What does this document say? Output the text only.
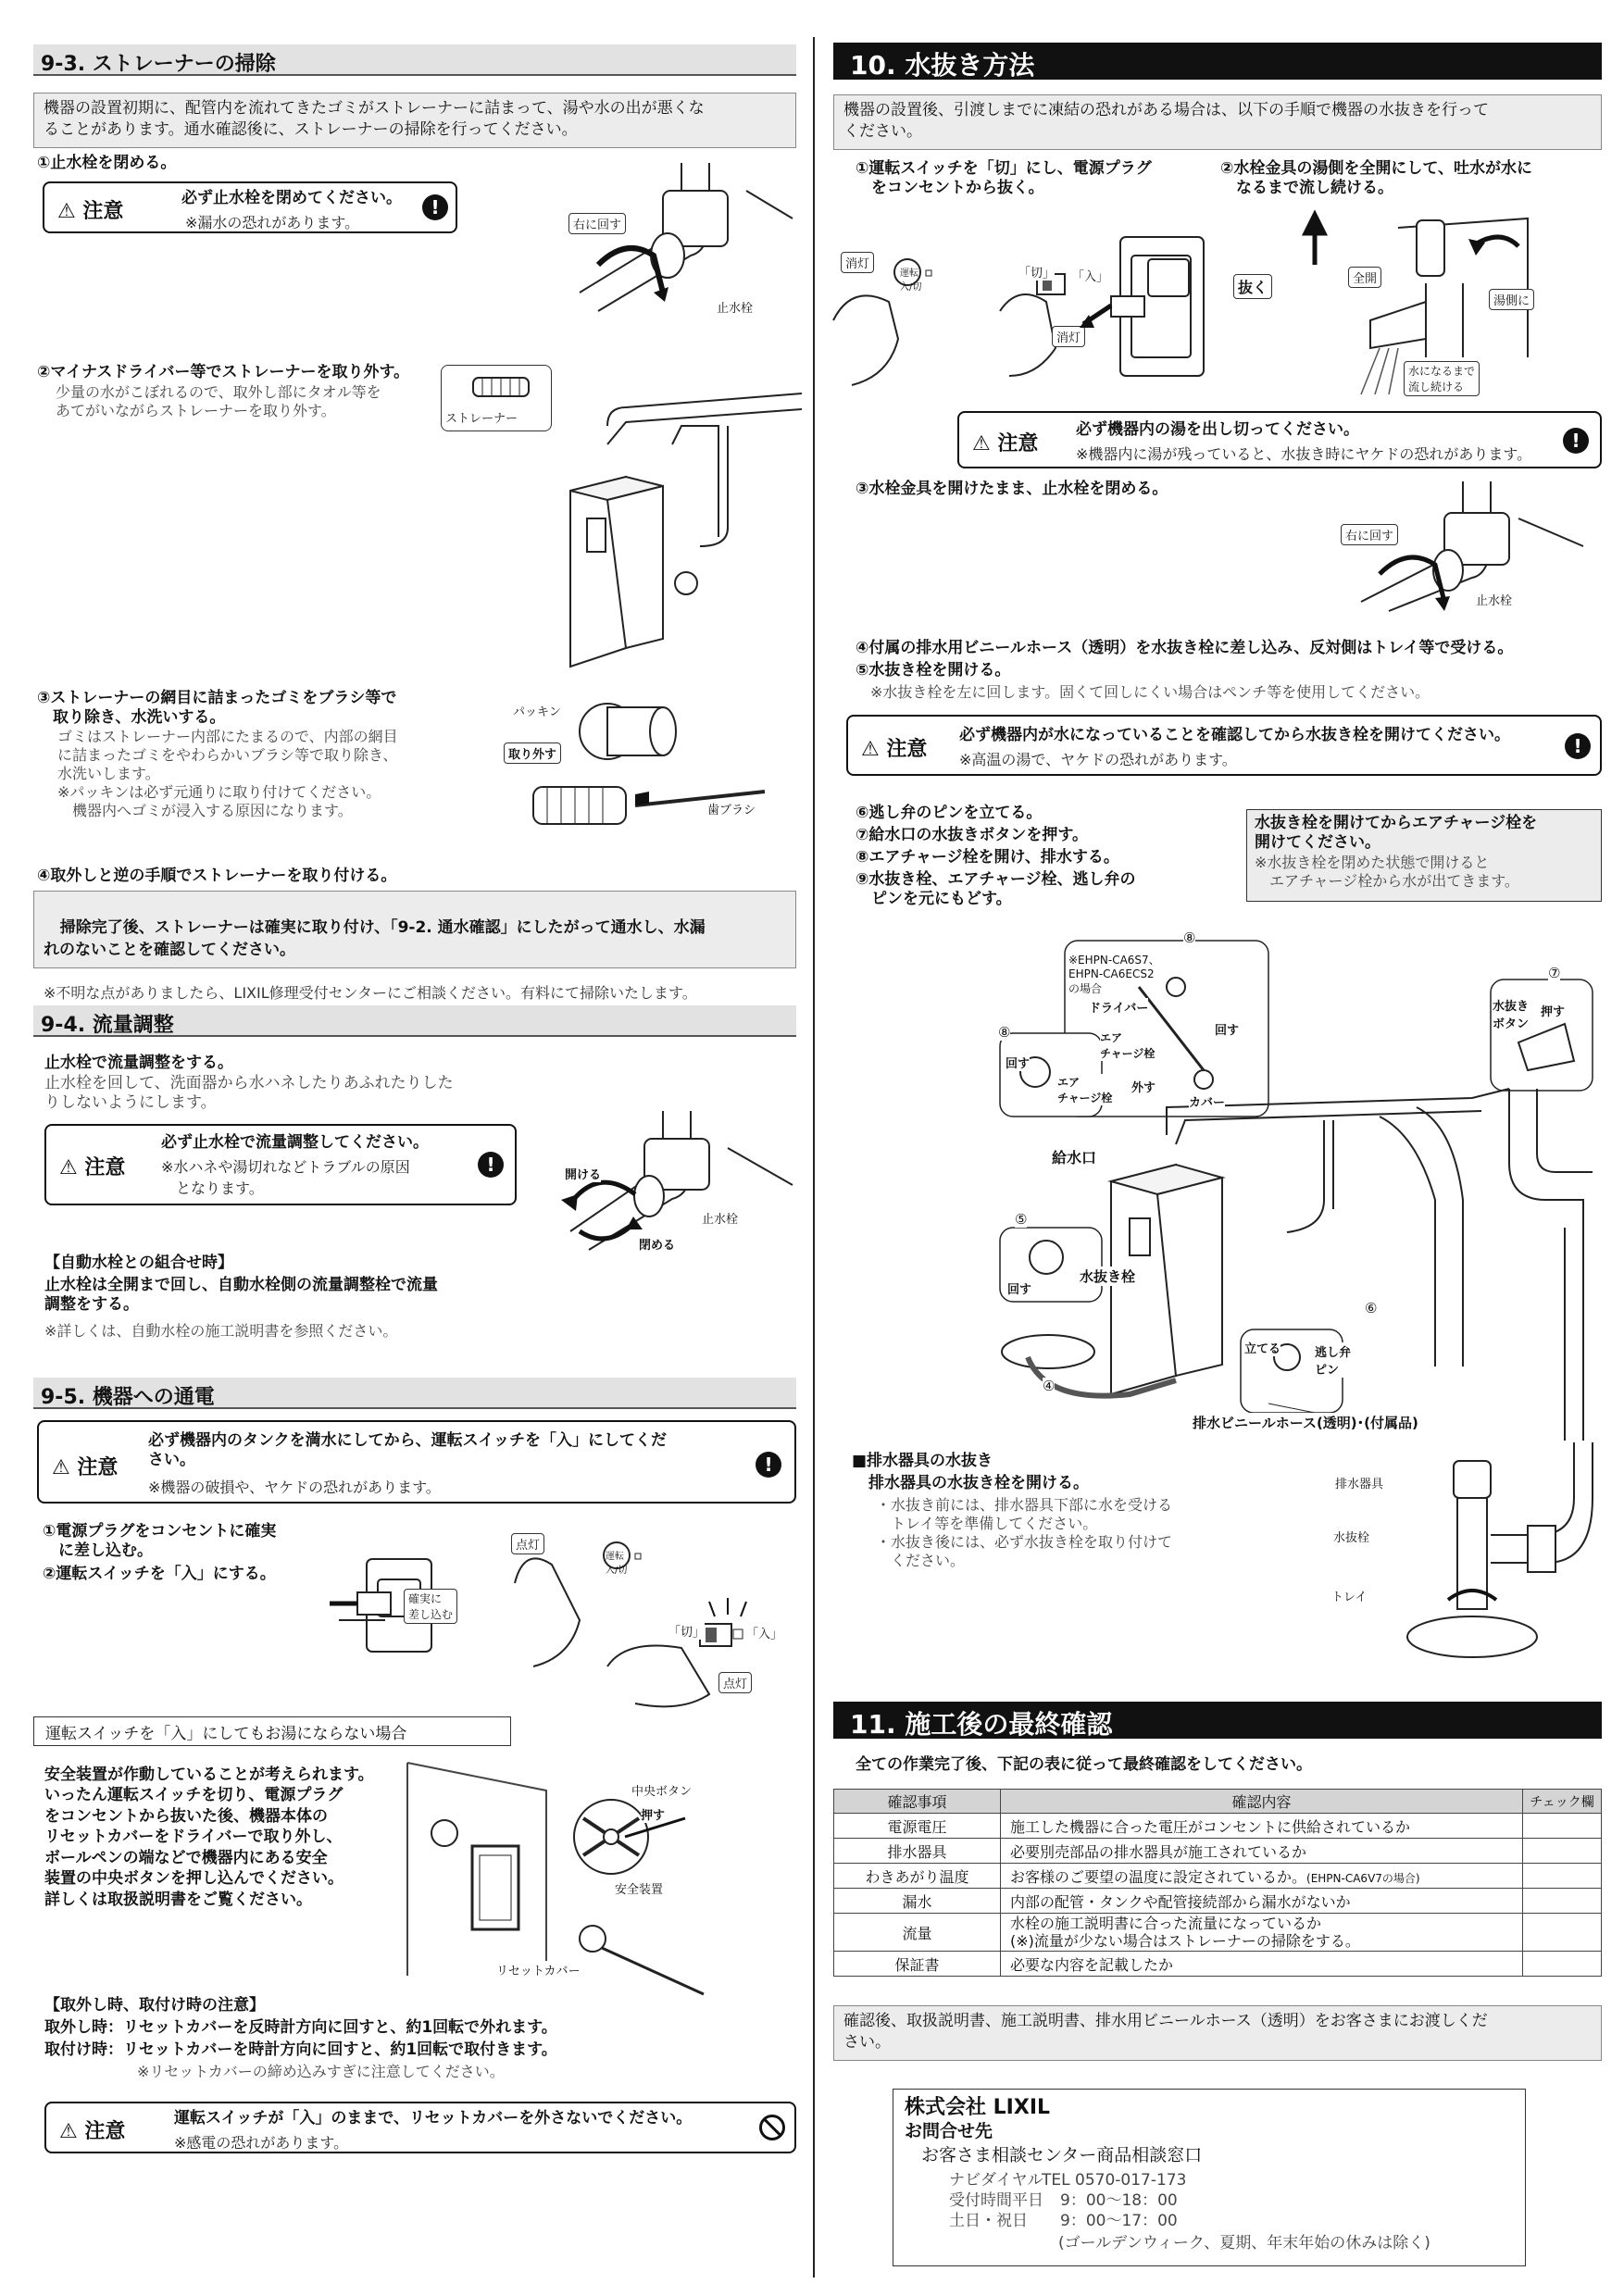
9-3. ストレーナーの掃除
機器の設置初期に、配管内を流れてきたゴミがストレーナーに詰まって、湯や水の出が悪くな
ることがあります。通水確認後に、ストレーナーの掃除を行ってください。
①止水栓を閉める。
⚠ 注意
必ず止水栓を閉めてください。
※漏水の恐れがあります。
!
右に回す
止水栓
②マイナスドライバー等でストレーナーを取り外す。
少量の水がこぼれるので、取外し部にタオル等を
あてがいながらストレーナーを取り外す。	ストレーナー
③ストレーナーの網目に詰まったゴミをブラシ等で
　取り除き、水洗いする。
　ゴミはストレーナー内部にたまるので、内部の網目
　に詰まったゴミをやわらかいブラシ等で取り除き、
　水洗いします。
　※パッキンは必ず元通りに取り付けてください。
　　機器内へゴミが浸入する原因になります。
パッキン
取り外す
歯ブラシ
④取外しと逆の手順でストレーナーを取り付ける。

掃除完了後、ストレーナーは確実に取り付け、「9-2. 通水確認」にしたがって通水し、水漏
れのないことを確認してください。

※不明な点がありましたら、LIXIL修理受付センターにご相談ください。有料にて掃除いたします。

9-4. 流量調整
止水栓で流量調整をする。
止水栓を回して、洗面器から水ハネしたりあふれたりした
りしないようにします。
⚠ 注意
必ず止水栓で流量調整してください。
※水ハネや湯切れなどトラブルの原因
　となります。
!	開ける
閉める
止水栓
【自動水栓との組合せ時】
止水栓は全開まで回し、自動水栓側の流量調整栓で流量
調整をする。
※詳しくは、自動水栓の施工説明書を参照ください。
9-5. 機器への通電
⚠ 注意
必ず機器内のタンクを満水にしてから、運転スイッチを「入」にしてくだ
さい。
※機器の破損や、ヤケドの恐れがあります。
!
①電源プラグをコンセントに確実
　に差し込む。
②運転スイッチを「入」にする。
確実に
差し込む
点灯
運転
入/切
「切」	「入」
点灯
運転スイッチを「入」にしてもお湯にならない場合
安全装置が作動していることが考えられます。
いったん運転スイッチを切り、電源プラグ
をコンセントから抜いた後、機器本体の
リセットカバーをドライバーで取り外し、
ボールペンの端などで機器内にある安全
装置の中央ボタンを押し込んでください。
詳しくは取扱説明書をご覧ください。
中央ボタン
押す
安全装置
リセットカバー
【取外し時、取付け時の注意】
取外し時：リセットカバーを反時計方向に回すと、約1回転で外れます。
取付け時：リセットカバーを時計方向に回すと、約1回転で取付きます。
※リセットカバーの締め込みすぎに注意してください。
⚠ 注意
運転スイッチが「入」のままで、リセットカバーを外さないでください。
※感電の恐れがあります。
10. 水抜き方法
機器の設置後、引渡しまでに凍結の恐れがある場合は、以下の手順で機器の水抜きを行って
ください。
①運転スイッチを「切」にし、電源プラグ
　をコンセントから抜く。
②水栓金具の湯側を全開にして、吐水が水に
　なるまで流し続ける。
消灯
運転
入/切
「切」 「入」
消灯
抜く	全開
湯側に
水になるまで
流し続ける
⚠ 注意
必ず機器内の湯を出し切ってください。
※機器内に湯が残っていると、水抜き時にヤケドの恐れがあります。
!
③水栓金具を開けたまま、止水栓を閉める。
右に回す
止水栓
④付属の排水用ビニールホース（透明）を水抜き栓に差し込み、反対側はトレイ等で受ける。
⑤水抜き栓を開ける。
　※水抜き栓を左に回します。固くて回しにくい場合はペンチ等を使用してください。
⚠ 注意
必ず機器内が水になっていることを確認してから水抜き栓を開けてください。
※高温の湯で、ヤケドの恐れがあります。
!
⑥逃し弁のピンを立てる。
⑦給水口の水抜きボタンを押す。
⑧エアチャージ栓を開け、排水する。
⑨水抜き栓、エアチャージ栓、逃し弁の
　ピンを元にもどす。
水抜き栓を開けてからエアチャージ栓を
開けてください。
※水抜き栓を閉めた状態で開けると
　エアチャージ栓から水が出てきます。
⑧
※EHPN-CA6S7、
EHPN-CA6ECS2
の場合
ドライバー
回す
エア
チャージ栓
外す
カバー
⑦
水抜き
ボタン
押す
⑧
回す
エア
チャージ栓
給水口
⑤
回す
水抜き栓
⑥
立てる	逃し弁
ピン
④
排水ビニールホース(透明)･(付属品)
■排水器具の水抜き
排水器具の水抜き栓を開ける。
・水抜き前には、排水器具下部に水を受ける
　トレイ等を準備してください。
・水抜き後には、必ず水抜き栓を取り付けて
　ください。
排水器具
水抜栓
トレイ
11. 施工後の最終確認
全ての作業完了後、下記の表に従って最終確認をしてください。
確認事項	確認内容	チェック欄
電源電圧	施工した機器に合った電圧がコンセントに供給されているか	
排水器具	必要別売部品の排水器具が施工されているか	
わきあがり温度	お客様のご要望の温度に設定されているか。(EHPN-CA6V7の場合)	
漏水	内部の配管・タンクや配管接続部から漏水がないか	
流量	水栓の施工説明書に合った流量になっているか
(※)流量が少ない場合はストレーナーの掃除をする。	
保証書	必要な内容を記載したか	
確認後、取扱説明書、施工説明書、排水用ビニールホース（透明）をお客さまにお渡しくだ
さい。
株式会社 LIXIL
お問合せ先
お客さま相談センター商品相談窓口
ナビダイヤル
TEL 0570-017-173
受付時間平日 9：00～18：00
土日・祝日 9：00～17：00
(ゴールデンウィーク、夏期、年末年始の休みは除く)
